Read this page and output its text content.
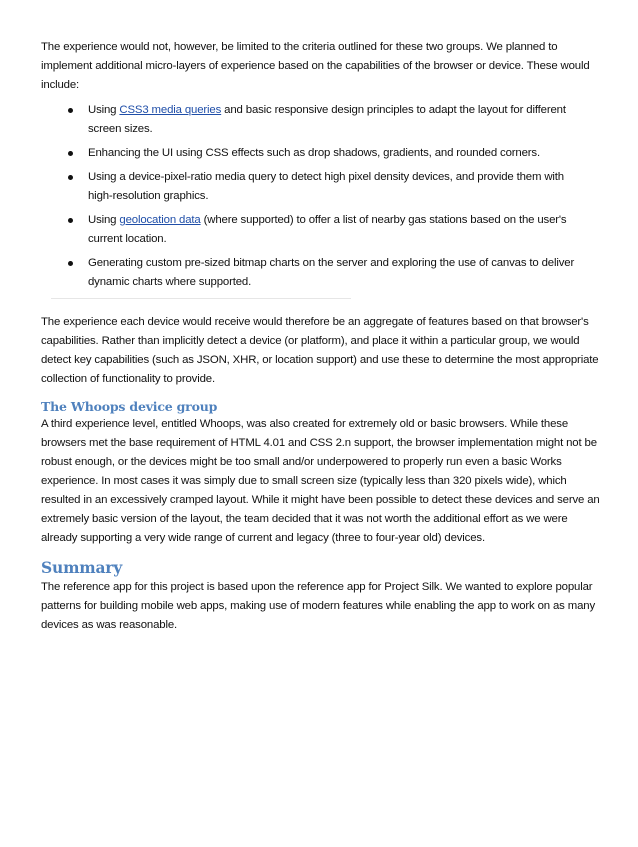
The experience would not, however, be limited to the criteria outlined for these two groups. We planned to implement additional micro-layers of experience based on the capabilities of the browser or device. These would include:

Using CSS3 media queries and basic responsive design principles to adapt the layout for different screen sizes.
Enhancing the UI using CSS effects such as drop shadows, gradients, and rounded corners.
Using a device-pixel-ratio media query to detect high pixel density devices, and provide them with high-resolution graphics.
Using geolocation data (where supported) to offer a list of nearby gas stations based on the user's current location.
Generating custom pre-sized bitmap charts on the server and exploring the use of canvas to deliver dynamic charts where supported.

The experience each device would receive would therefore be an aggregate of features based on that browser's capabilities. Rather than implicitly detect a device (or platform), and place it within a particular group, we would detect key capabilities (such as JSON, XHR, or location support) and use these to determine the most appropriate collection of functionality to provide.

The Whoops device group

A third experience level, entitled Whoops, was also created for extremely old or basic browsers. While these browsers met the base requirement of HTML 4.01 and CSS 2.n support, the browser implementation might not be robust enough, or the devices might be too small and/or underpowered to properly run even a basic Works experience. In most cases it was simply due to small screen size (typically less than 320 pixels wide), which resulted in an excessively cramped layout. While it might have been possible to detect these devices and serve an extremely basic version of the layout, the team decided that it was not worth the additional effort as we were already supporting a very wide range of current and legacy (three to four-year old) devices.

Summary

The reference app for this project is based upon the reference app for Project Silk. We wanted to explore popular patterns for building mobile web apps, making use of modern features while enabling the app to work on as many devices as was reasonable.
